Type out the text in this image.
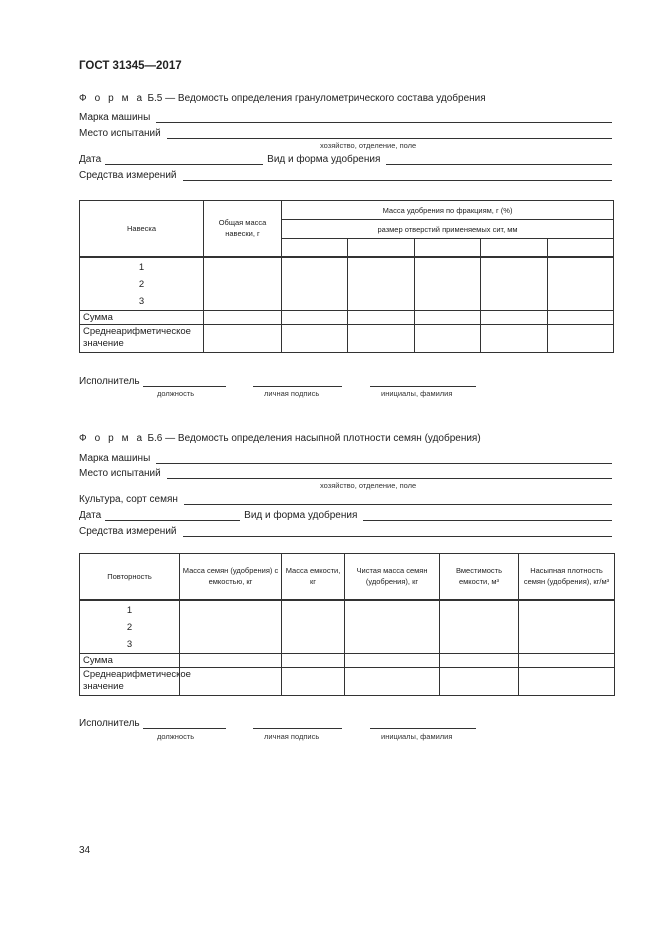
ГОСТ 31345—2017
Ф о р м а Б.5 — Ведомость определения гранулометрического состава удобрения
Марка машины
Место испытаний
хозяйство, отделение, поле
Дата	Вид и форма удобрения
Средства измерений
Навеска	Общая масса навески, г	Масса удобрения по фракциям, г (%)				
		размер отверстий применяемых сит, мм				

1
2
3						

Сумма						
Среднеарифметическое значение						
Исполнитель
должность	личная подпись	инициалы, фамилия
Ф о р м а Б.6 — Ведомость определения насыпной плотности семян (удобрения)
Марка машины
Место испытаний
хозяйство, отделение, поле
Культура, сорт семян
Дата	Вид и форма удобрения
Средства измерений
Повторность	Масса семян (удобрения) с емкостью, кг	Масса емкости, кг	Чистая масса семян (удобрения), кг	Вместимость емкости, м³	Насыпная плотность семян (удобрения), кг/м³

1
2
3					

Сумма					
Среднеарифметическое значение					
Исполнитель
должность	личная подпись	инициалы, фамилия
34
